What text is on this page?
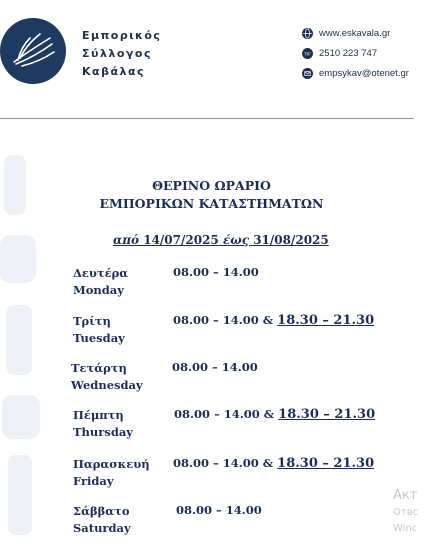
Εμπορικός
Σύλλογος
Καβάλας
www.eskavala.gr
T/F 2510 223 747
empsykav@otenet.gr
ΘΕΡΙΝΟ ΩΡΑΡΙΟ
ΕΜΠΟΡΙΚΩΝ ΚΑΤΑΣΤΗΜΑΤΩΝ
από 14/07/2025 έως 31/08/2025
Δευτέρα
Monday
08.00 – 14.00
Τρίτη
Tuesday
08.00 – 14.00 & 18.30 – 21.30
Τετάρτη
Wednesday
08.00 – 14.00
Πέμπτη
Thursday
08.00 – 14.00 & 18.30 – 21.30
Παρασκευή
Friday
08.00 – 14.00 & 18.30 – 21.30
Σάββατο
Saturday
08.00 – 14.00
Акт
Отвс
Winc
